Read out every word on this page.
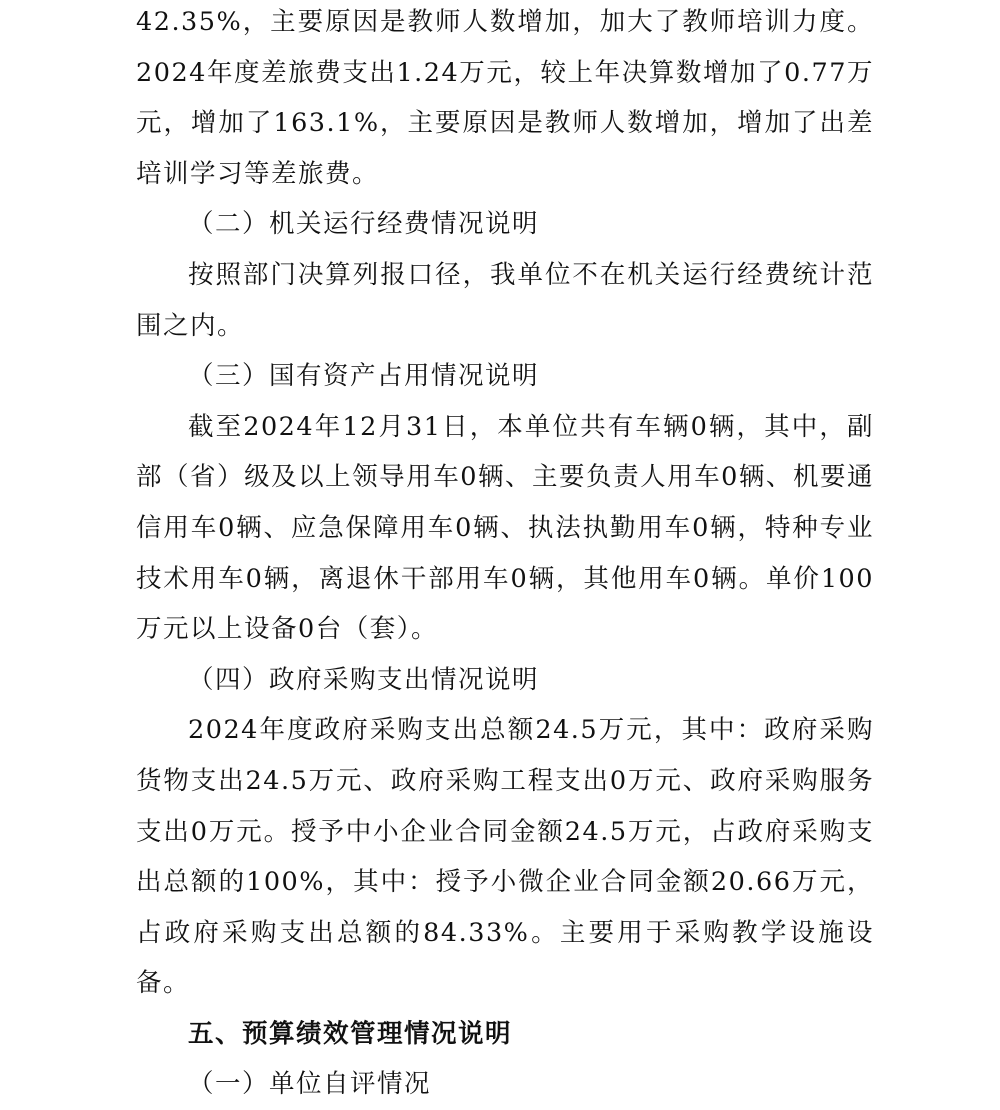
42.35%，主要原因是教师人数增加，加大了教师培训力度。2024年度差旅费支出1.24万元，较上年决算数增加了0.77万元，增加了163.1%，主要原因是教师人数增加，增加了出差培训学习等差旅费。

（二）机关运行经费情况说明

按照部门决算列报口径，我单位不在机关运行经费统计范围之内。

（三）国有资产占用情况说明

截至2024年12月31日，本单位共有车辆0辆，其中，副部（省）级及以上领导用车0辆、主要负责人用车0辆、机要通信用车0辆、应急保障用车0辆、执法执勤用车0辆，特种专业技术用车0辆，离退休干部用车0辆，其他用车0辆。单价100万元以上设备0台（套）。

（四）政府采购支出情况说明

2024年度政府采购支出总额24.5万元，其中：政府采购货物支出24.5万元、政府采购工程支出0万元、政府采购服务支出0万元。授予中小企业合同金额24.5万元，占政府采购支出总额的100%，其中：授予小微企业合同金额20.66万元，占政府采购支出总额的84.33%。主要用于采购教学设施设备。

五、预算绩效管理情况说明

（一）单位自评情况
